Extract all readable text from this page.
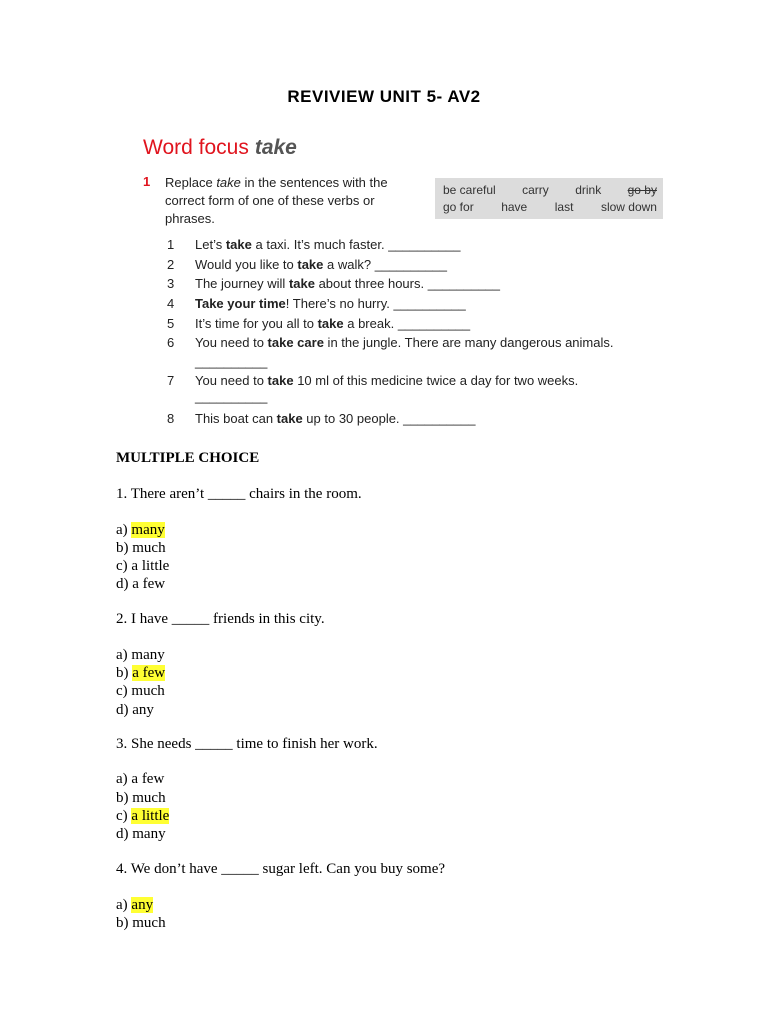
REVIVIEW UNIT 5- AV2
Word focus take
1 Replace take in the sentences with the correct form of one of these verbs or phrases.
be careful carry drink go by
go for have last slow down
1 Let’s take a taxi. It’s much faster. __________
2 Would you like to take a walk? __________
3 The journey will take about three hours. __________
4 Take your time! There’s no hurry. __________
5 It’s time for you all to take a break. __________
6 You need to take care in the jungle. There are many dangerous animals.
__________
7 You need to take 10 ml of this medicine twice a day for two weeks.
__________
8 This boat can take up to 30 people. __________
MULTIPLE CHOICE
1. There aren’t _____ chairs in the room.
a) many
b) much
c) a little
d) a few
2. I have _____ friends in this city.
a) many
b) a few
c) much
d) any
3. She needs _____ time to finish her work.
a) a few
b) much
c) a little
d) many
4. We don’t have _____ sugar left. Can you buy some?
a) any
b) much
